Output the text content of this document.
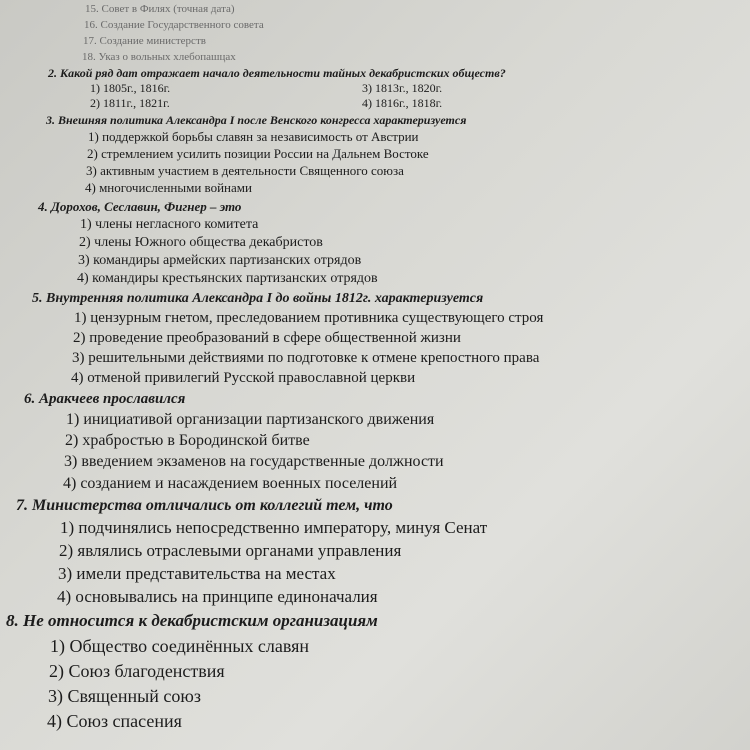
15. Совет в Филях (точная дата)
16. Создание Государственного совета
17. Создание министерств
18. Указ о вольных хлебопашцах
2. Какой ряд дат отражает начало деятельности тайных декабристских обществ?
1) 1805г., 1816г.	3) 1813г., 1820г.
2) 1811г., 1821г.	4) 1816г., 1818г.
3. Внешняя политика Александра I после Венского конгресса характеризуется
1) поддержкой борьбы славян за независимость от Австрии
2) стремлением усилить позиции России на Дальнем Востоке
3) активным участием в деятельности Священного союза
4) многочисленными войнами
4. Дорохов, Сеславин, Фигнер – это
1) члены негласного комитета
2) члены Южного общества декабристов
3) командиры армейских партизанских отрядов
4) командиры крестьянских партизанских отрядов
5. Внутренняя политика Александра I до войны 1812г. характеризуется
1) цензурным гнетом, преследованием противника существующего строя
2) проведение преобразований в сфере общественной жизни
3) решительными действиями по подготовке к отмене крепостного права
4) отменой привилегий Русской православной церкви
6. Аракчеев прославился
1) инициативой организации партизанского движения
2) храбростью в Бородинской битве
3) введением экзаменов на государственные должности
4) созданием и насаждением военных поселений
7. Министерства отличались от коллегий тем, что
1) подчинялись непосредственно императору, минуя Сенат
2) являлись отраслевыми органами управления
3) имели представительства на местах
4) основывались на принципе единоначалия
8. Не относится к декабристским организациям
1) Общество соединённых славян
2) Союз благоденствия
3) Священный союз
4) Союз спасения
